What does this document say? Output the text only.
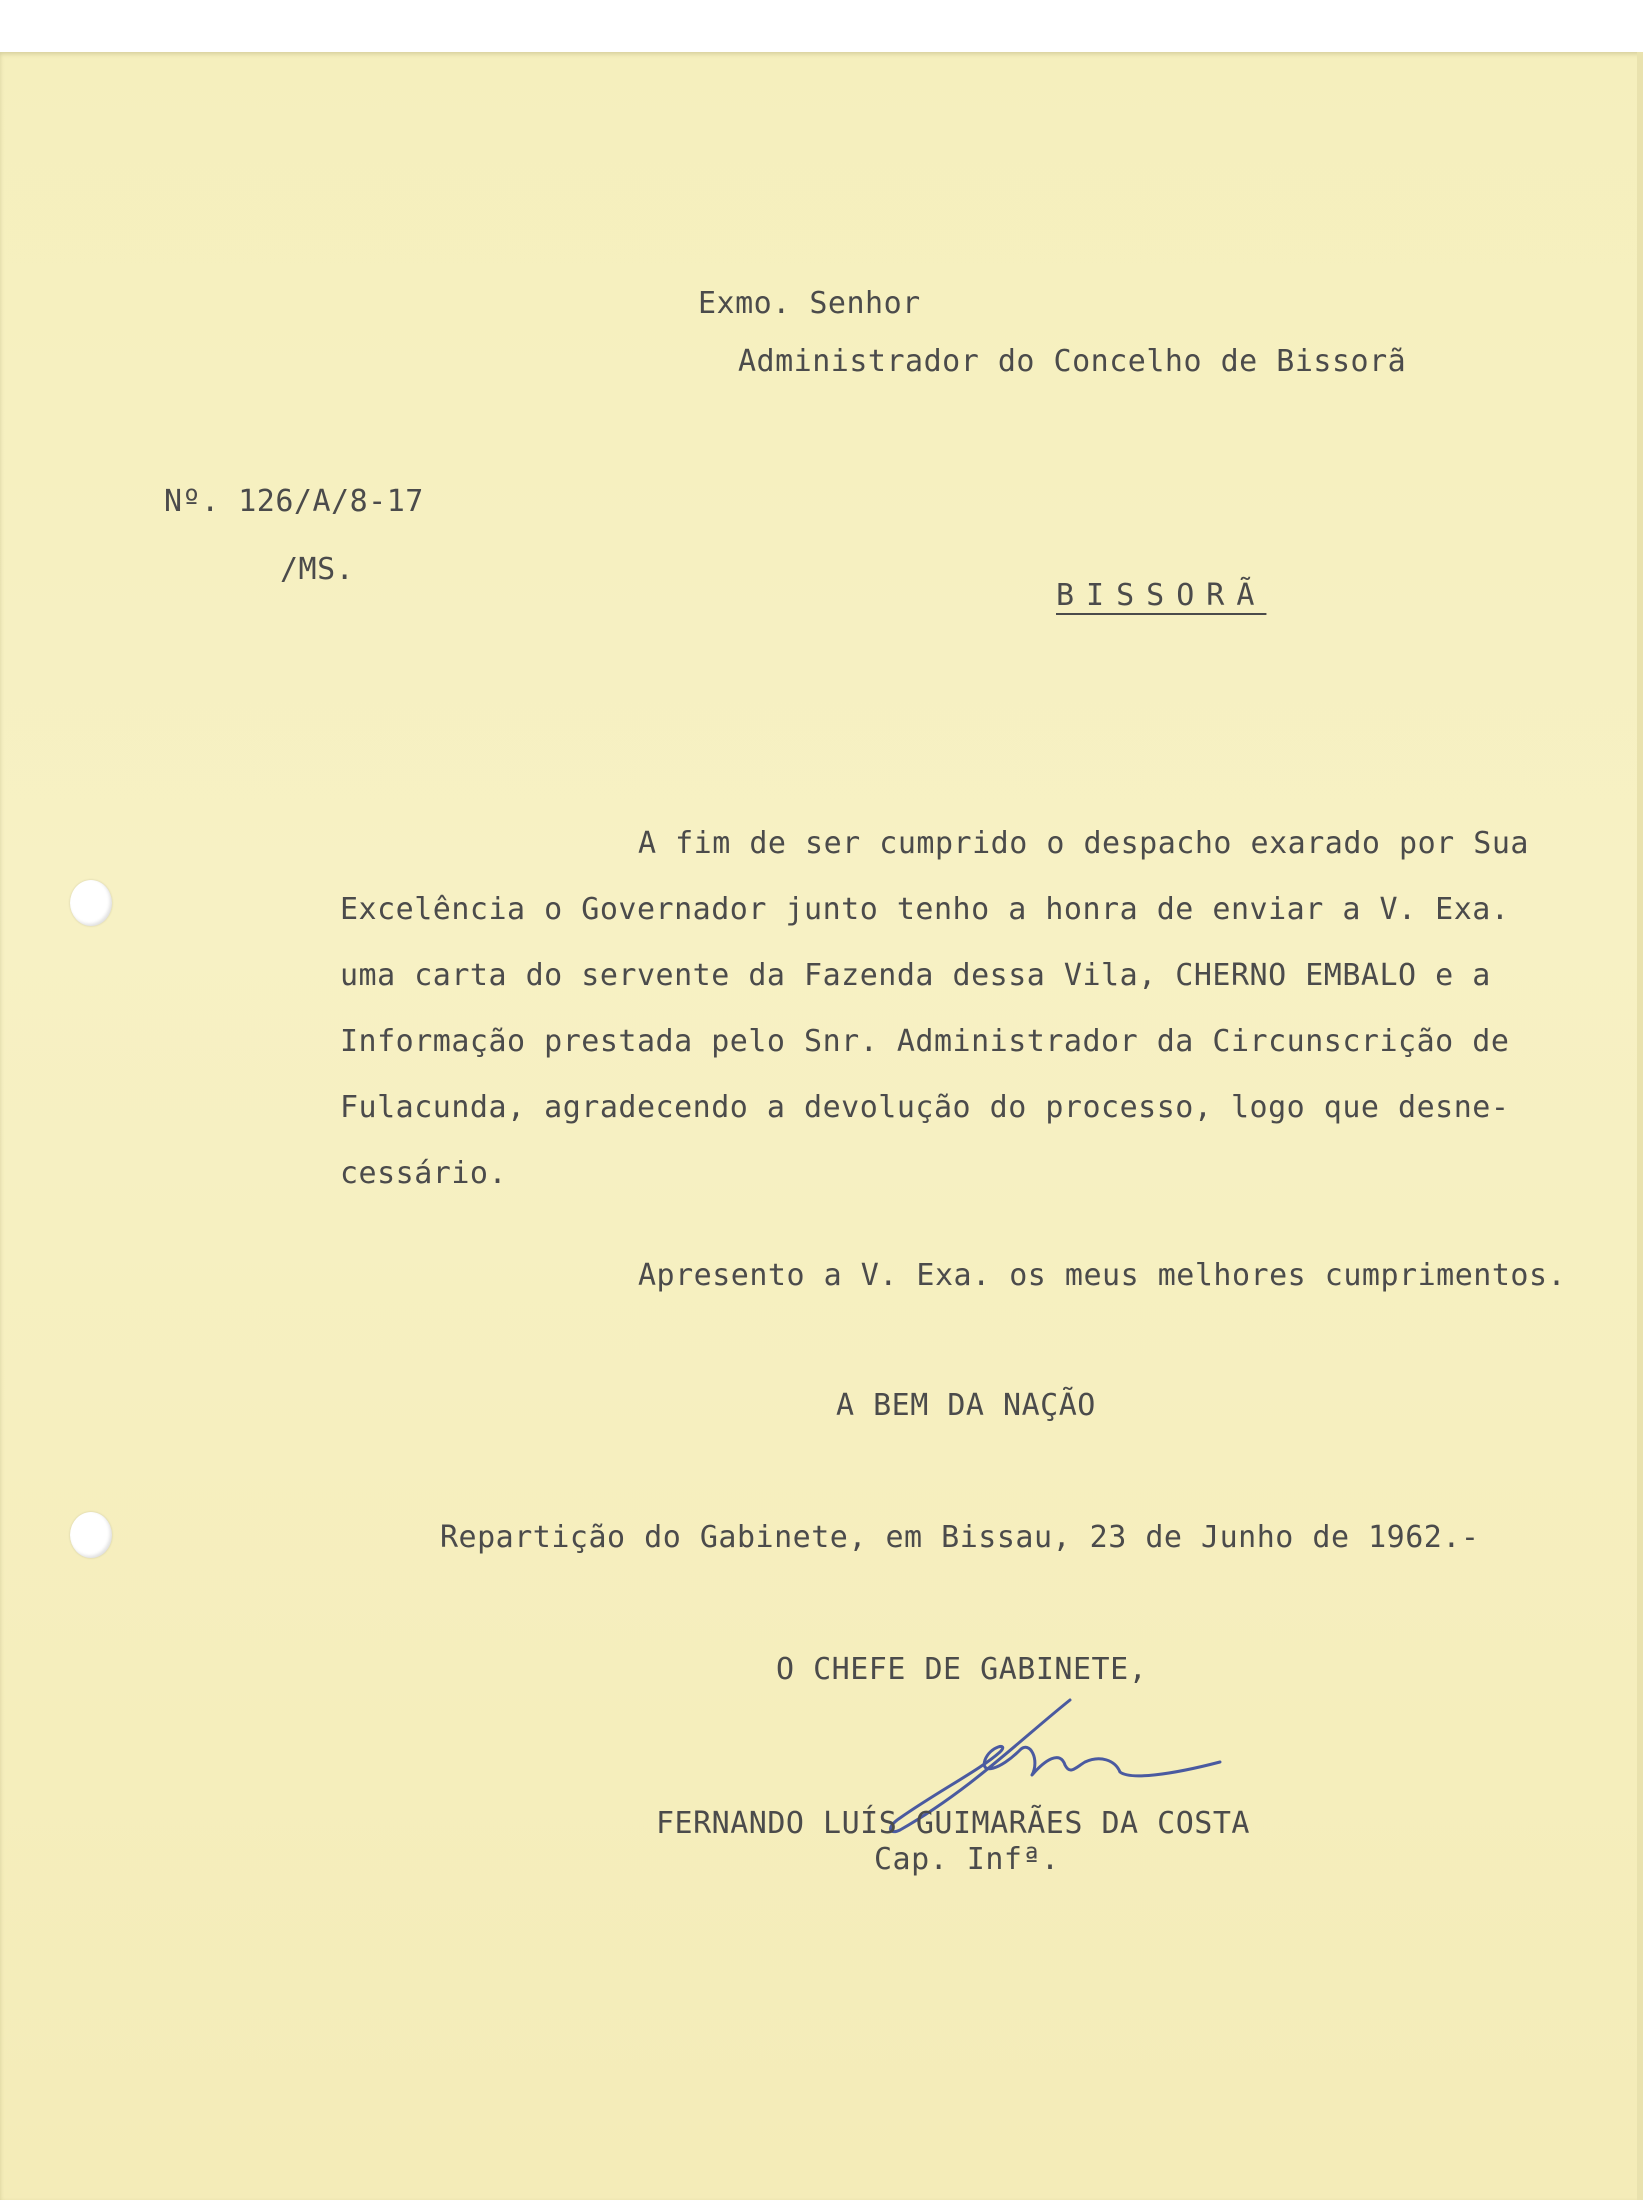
Exmo. Senhor
Administrador do Concelho de Bissorã
Nº. 126/A/8-17
/MS.
BISSORÃ
A fim de ser cumprido o despacho exarado por Sua
Excelência o Governador junto tenho a honra de enviar a V. Exa.
uma carta do servente da Fazenda dessa Vila, CHERNO EMBALO e a
Informação prestada pelo Snr. Administrador da Circunscrição de
Fulacunda, agradecendo a devolução do processo, logo que desne-
cessário.
Apresento a V. Exa. os meus melhores cumprimentos.
A BEM DA NAÇÃO
Repartição do Gabinete, em Bissau, 23 de Junho de 1962.-
O CHEFE DE GABINETE,
FERNANDO LUÍS GUIMARÃES DA COSTA
Cap. Infª.
